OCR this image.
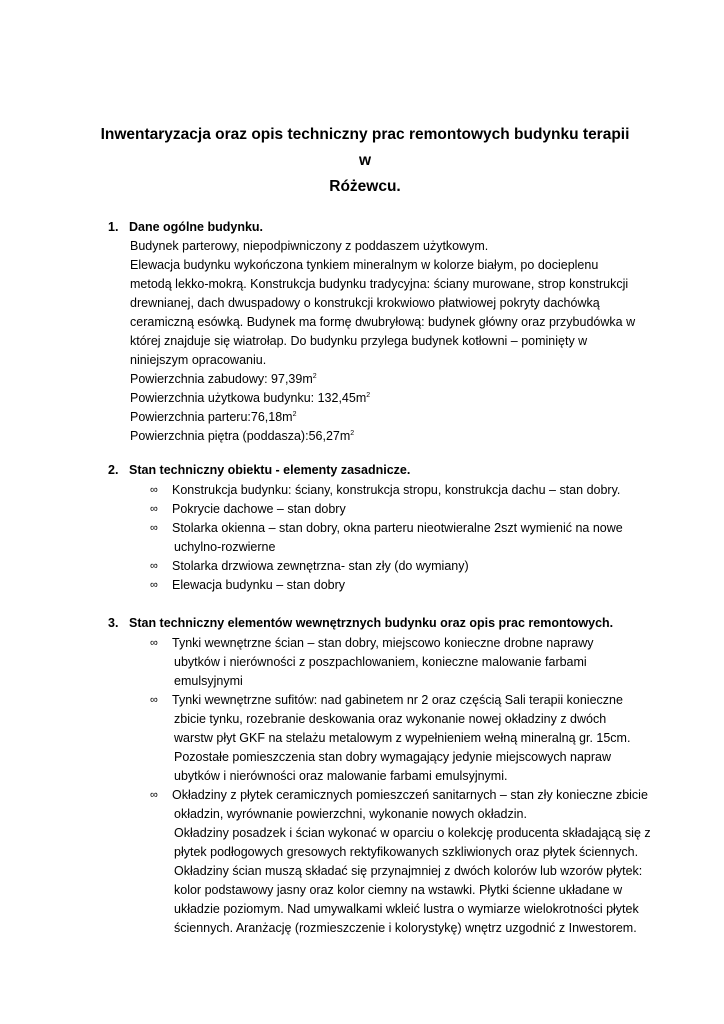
Inwentaryzacja oraz opis techniczny prac remontowych budynku terapii w
Różewcu.
1. Dane ogólne budynku.
Budynek parterowy, niepodpiwniczony z poddaszem użytkowym.
Elewacja budynku wykończona tynkiem mineralnym w kolorze białym, po docieplenu
metodą lekko-mokrą. Konstrukcja budynku tradycyjna: ściany murowane, strop konstrukcji
drewnianej, dach dwuspadowy o konstrukcji krokwiowo płatwiowej pokryty dachówką
ceramiczną esówką. Budynek ma formę dwubryłową: budynek główny oraz przybudówka w
której znajduje się wiatrołap. Do budynku przylega budynek kotłowni – pominięty w
niniejszym opracowaniu.
Powierzchnia zabudowy: $97,39m^2$
Powierzchnia użytkowa budynku: $132,45m^2$
Powierzchnia $parteru:76,18m^2$
Powierzchnia piętra $(poddasza):56,27m^2$
2. Stan techniczny obiektu - elementy zasadnicze.
∞ Konstrukcja budynku: ściany, konstrukcja stropu, konstrukcja dachu – stan dobry.
∞ Pokrycie dachowe – stan dobry
∞ Stolarka okienna – stan dobry, okna parteru nieotwieralne 2szt wymienić na nowe
uchylno-rozwierne
∞ Stolarka drzwiowa zewnętrzna- stan zły (do wymiany)
∞ Elewacja budynku – stan dobry
3. Stan techniczny elementów wewnętrznych budynku oraz opis prac remontowych.
∞ Tynki wewnętrzne ścian – stan dobry, miejscowo konieczne drobne naprawy
ubytków i nierówności z poszpachlowaniem, konieczne malowanie farbami
emulsyjnymi
∞ Tynki wewnętrzne sufitów: nad gabinetem nr 2 oraz częścią Sali terapii konieczne
zbicie tynku, rozebranie deskowania oraz wykonanie nowej okładziny z dwóch
warstw płyt GKF na stelażu metalowym z wypełnieniem wełną mineralną gr. 15cm.
Pozostałe pomieszczenia stan dobry wymagający jedynie miejscowych napraw
ubytków i nierówności oraz malowanie farbami emulsyjnymi.
∞ Okładziny z płytek ceramicznych pomieszczeń sanitarnych – stan zły konieczne zbicie
okładzin, wyrównanie powierzchni, wykonanie nowych okładzin.
Okładziny posadzek i ścian wykonać w oparciu o kolekcję producenta składającą się z
płytek podłogowych gresowych rektyfikowanych szkliwionych oraz płytek ściennych.
Okładziny ścian muszą składać się przynajmniej z dwóch kolorów lub wzorów płytek:
kolor podstawowy jasny oraz kolor ciemny na wstawki. Płytki ścienne układane w
układzie poziomym. Nad umywalkami wkleić lustra o wymiarze wielokrotności płytek
ściennych. Aranżację (rozmieszczenie i kolorystykę) wnętrz uzgodnić z Inwestorem.
